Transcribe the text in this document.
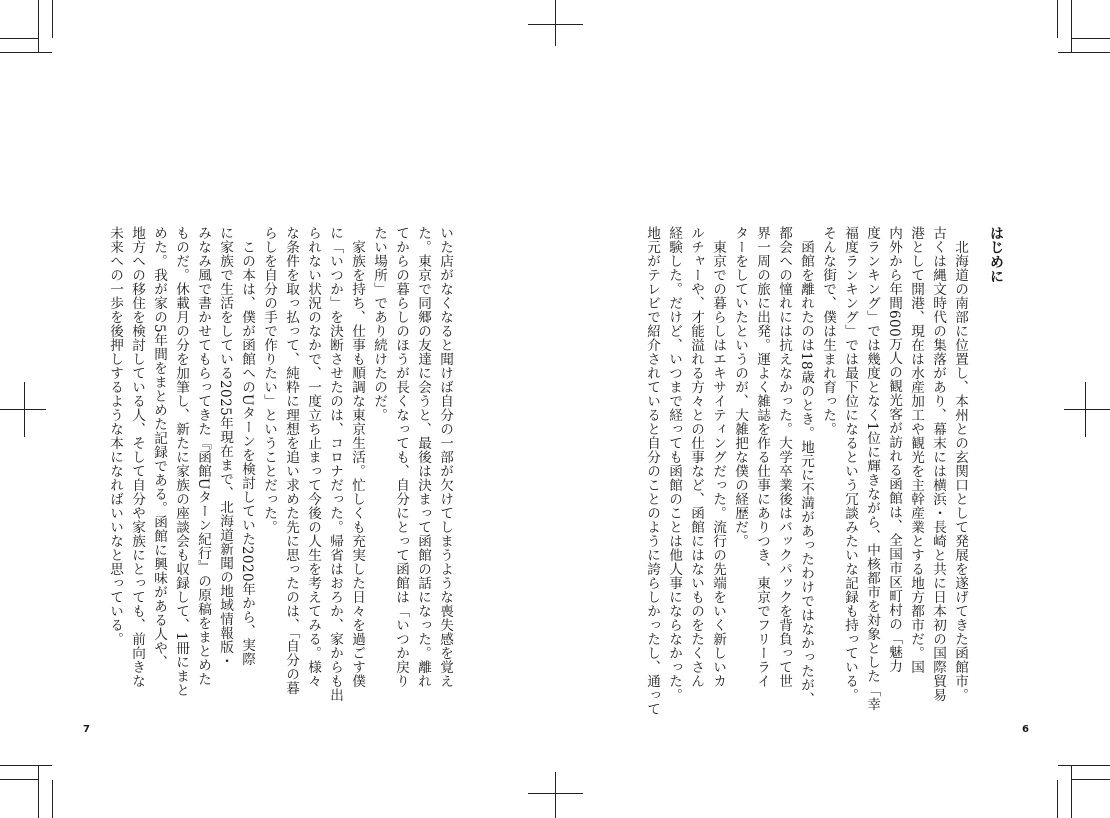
はじめに
　北海道の南部に位置し、本州との玄関口として発展を遂げてきた函館市。
古くは縄文時代の集落があり、幕末には横浜・長崎と共に日本初の国際貿易
港として開港、現在は水産加工や観光を主幹産業とする地方都市だ。国
内外から年間600万人の観光客が訪れる函館は、全国市区町村の「魅力
度ランキング」では幾度となく1位に輝きながら、中核都市を対象とした「幸
福度ランキング」では最下位になるという冗談みたいな記録も持っている。
そんな街で、僕は生まれ育った。
　函館を離れたのは18歳のとき。地元に不満があったわけではなかったが、
都会への憧れには抗えなかった。大学卒業後はバックパックを背負って世
界一周の旅に出発。運よく雑誌を作る仕事にありつき、東京でフリーライ
ターをしていたというのが、大雑把な僕の経歴だ。
　東京での暮らしはエキサイティングだった。流行の先端をいく新しいカ
ルチャーや、才能溢れる方々との仕事など、函館にはないものをたくさん
経験した。だけど、いつまで経っても函館のことは他人事にならなかった。
地元がテレビで紹介されていると自分のことのように誇らしかったし、通って
6
いた店がなくなると聞けば自分の一部が欠けてしまうような喪失感を覚え
た。東京で同郷の友達に会うと、最後は決まって函館の話になった。離れ
てからの暮らしのほうが長くなっても、自分にとって函館は「いつか戻り
たい場所」であり続けたのだ。
　家族を持ち、仕事も順調な東京生活。忙しくも充実した日々を過ごす僕
に「いつか」を決断させたのは、コロナだった。帰省はおろか、家からも出
られない状況のなかで、一度立ち止まって今後の人生を考えてみる。様々
な条件を取っ払って、純粋に理想を追い求めた先に思ったのは、「自分の暮
らしを自分の手で作りたい」ということだった。
　この本は、僕が函館へのUターンを検討していた2020年から、実際
に家族で生活をしている2025年現在まで、北海道新聞の地域情報版・
みなみ風で書かせてもらってきた『函館Uターン紀行』の原稿をまとめた
ものだ。休載月の分を加筆し、新たに家族の座談会も収録して、1冊にまと
めた。我が家の5年間をまとめた記録である。函館に興味がある人や、
地方への移住を検討している人、そして自分や家族にとっても、前向きな
未来への一歩を後押しするような本になればいいなと思っている。
7
